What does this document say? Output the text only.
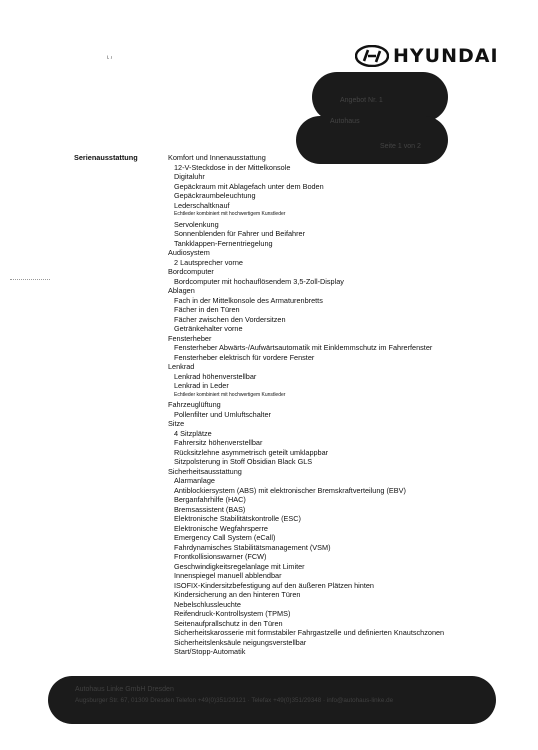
HYUNDAI
ᴸ ʴ
Angebot Nr. 1
Autohaus
Seite 1 von 2
Serienausstattung	Komfort und Innenausstattung
12-V-Steckdose in der Mittelkonsole
Digitaluhr
Gepäckraum mit Ablagefach unter dem Boden
Gepäckraumbeleuchtung
Lederschaltknauf
Echtleder kombiniert mit hochwertigem Kunstleder
Servolenkung
Sonnenblenden für Fahrer und Beifahrer
Tankklappen-Fernentriegelung
Audiosystem
2 Lautsprecher vorne
Bordcomputer
Bordcomputer mit hochauflösendem 3,5-Zoll-Display
Ablagen
Fach in der Mittelkonsole des Armaturenbretts
Fächer in den Türen
Fächer zwischen den Vordersitzen
Getränkehalter vorne
Fensterheber
Fensterheber Abwärts-/Aufwärtsautomatik mit Einklemmschutz im Fahrerfenster
Fensterheber elektrisch für vordere Fenster
Lenkrad
Lenkrad höhenverstellbar
Lenkrad in Leder
Echtleder kombiniert mit hochwertigem Kunstleder
Fahrzeuglüftung
Pollenfilter und Umluftschalter
Sitze
4 Sitzplätze
Fahrersitz höhenverstellbar
Rücksitzlehne asymmetrisch geteilt umklappbar
Sitzpolsterung in Stoff Obsidian Black GLS
Sicherheitsausstattung
Alarmanlage
Antiblockiersystem (ABS) mit elektronischer Bremskraftverteilung (EBV)
Berganfahrhilfe (HAC)
Bremsassistent (BAS)
Elektronische Stabilitätskontrolle (ESC)
Elektronische Wegfahrsperre
Emergency Call System (eCall)
Fahrdynamisches Stabilitätsmanagement (VSM)
Frontkollisionswarner (FCW)
Geschwindigkeitsregelanlage mit Limiter
Innenspiegel manuell abblendbar
ISOFIX-Kindersitzbefestigung auf den äußeren Plätzen hinten
Kindersicherung an den hinteren Türen
Nebelschlussleuchte
Reifendruck-Kontrollsystem (TPMS)
Seitenaufprallschutz in den Türen
Sicherheitskarosserie mit formstabiler Fahrgastzelle und definierten Knautschzonen
Sicherheitslenksäule neigungsverstellbar
Start/Stopp-Automatik
Autohaus Linke GmbH Dresden
Augsburger Str. 67, 01309 Dresden Telefon +49(0)351/29121 · Telefax +49(0)351/29348 · info@autohaus-linke.de
